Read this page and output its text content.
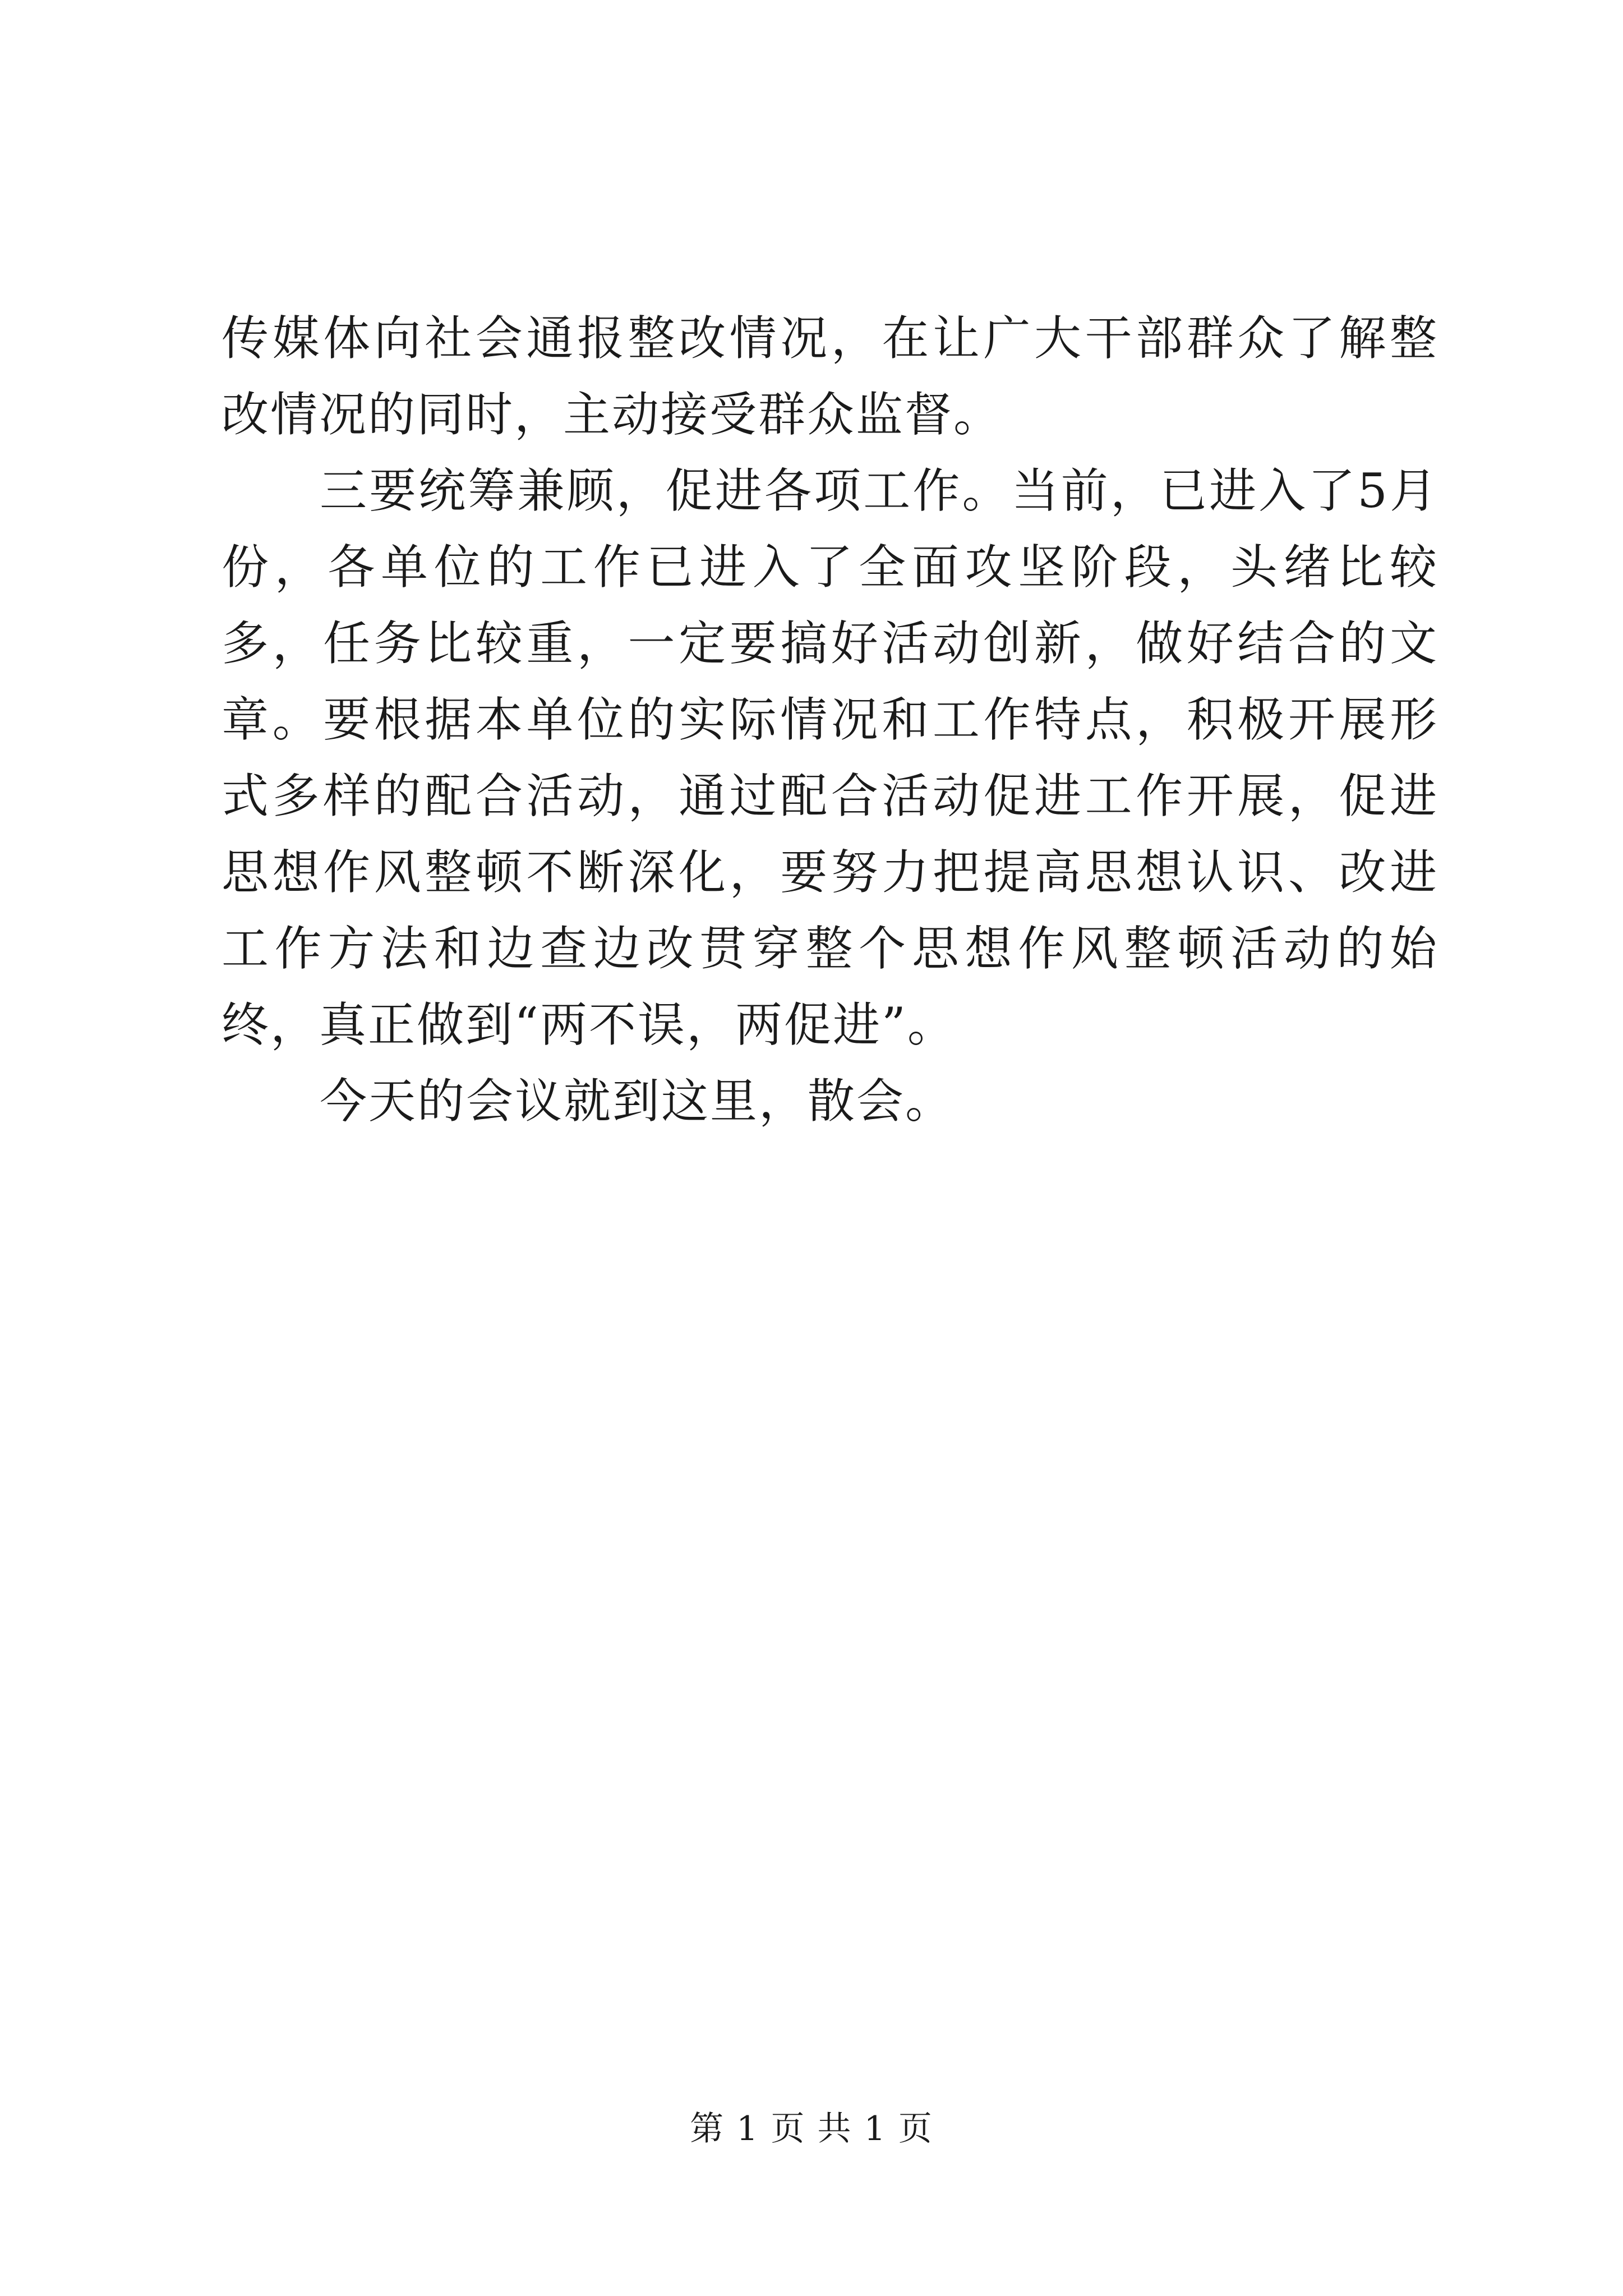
传媒体向社会通报整改情况，在让广大干部群众了解整改情况的同时，主动接受群众监督。

三要统筹兼顾，促进各项工作。当前，已进入了5月份，各单位的工作已进入了全面攻坚阶段，头绪比较多，任务比较重，一定要搞好活动创新，做好结合的文章。要根据本单位的实际情况和工作特点，积极开展形式多样的配合活动，通过配合活动促进工作开展，促进思想作风整顿不断深化，要努力把提高思想认识、改进工作方法和边查边改贯穿整个思想作风整顿活动的始终，真正做到“两不误，两促进”。

今天的会议就到这里，散会。

第 1 页 共 1 页
